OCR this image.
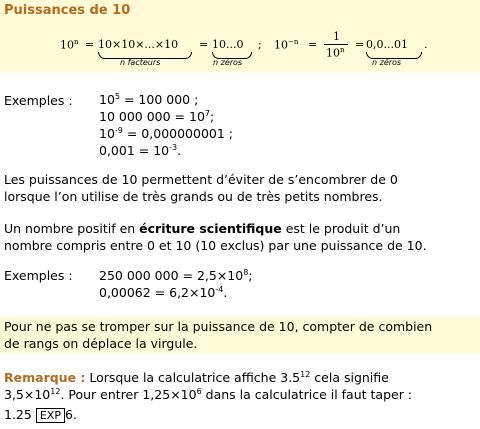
Puissances de 10
$10^n = 10\times 10\times...\times 10$
n facteurs
= 10...0
n zéros
; $10^{-n}$ =
1
$10^n = 0,0...01$
n zéros
.
Exemples : $10^5 = 100$ 000 ;
10 000 $000 = 10^7$;
$10^{-9} = 0,000000001$ ;
$0,001 = 10^{-3}$.
Les puissances de 10 permettent d’éviter de s’encombrer de 0
lorsque l’on utilise de très grands ou de très petits nombres.
Un nombre positif en écriture scientifique est le produit d’un
nombre compris entre 0 et 10 (10 exclus) par une puissance de 10.
Exemples : 250 000 $000 = 2,5\times 10^8$;
$0,00062 = 6,2\times 10^{-4}$.
Pour ne pas se tromper sur la puissance de 10, compter de combien
de rangs on déplace la virgule.
Remarque : Lorsque la calculatrice affiche $3.5^{12}$ cela signifie
$3,5\times 10^{12}$. Pour entrer $1,25\times 10^6$ dans la calculatrice il faut taper :
1.25 EXP 6.
